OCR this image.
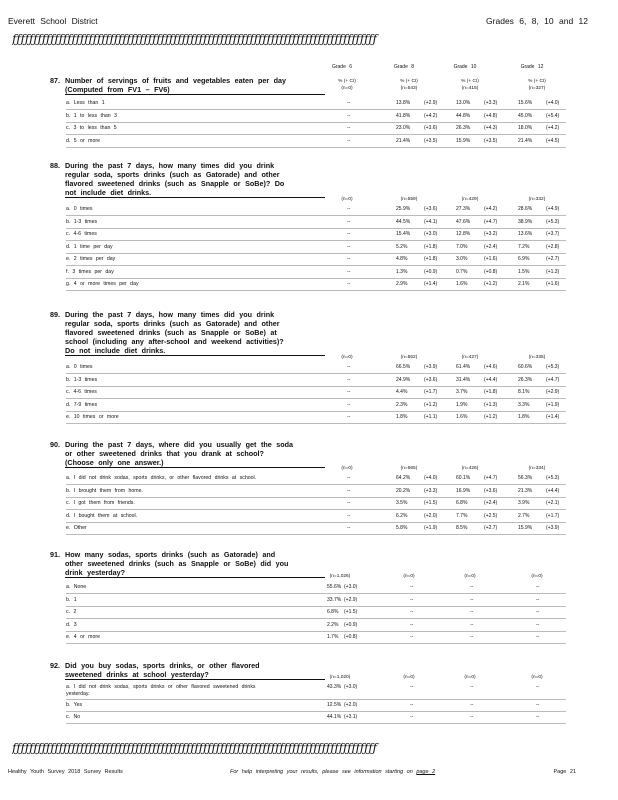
Everett School District	Grades 6, 8, 10 and 12
ƒƒƒƒƒƒƒƒƒƒƒƒƒƒƒƒƒƒƒƒƒƒƒƒƒƒƒƒƒƒƒƒƒƒƒƒƒƒƒƒƒƒƒƒƒƒƒƒƒƒƒƒƒƒƒƒƒƒƒƒƒƒƒƒƒƒƒƒƒƒƒƒƒƒƒƒƒƒƒƒƒƒƒƒƒƒ
Grade 6	Grade 8	Grade 10	Grade 12
87. Number of servings of fruits and vegetables eaten per day
(Computed from FV1 – FV6)
% (+ CI)	% (+ CI)	% (+ CI)	% (+ CI)
(n=0)	(n=543)	(n=415)	(n=327)
a. Less than 1	--	13.8%	(+2.9)	13.0%	(+3.3)	15.6%	(+4.0)
b. 1 to less than 3	--	41.8%	(+4.2)	44.8%	(+4.8)	45.0%	(+5.4)
c. 3 to less than 5	--	23.0%	(+3.6)	26.3%	(+4.3)	18.0%	(+4.2)
d. 5 or more	--	21.4%	(+3.5)	15.9%	(+3.5)	21.4%	(+4.5)
88. During the past 7 days, how many times did you drink
regular soda, sports drinks (such as Gatorade) and other
flavored sweetened drinks (such as Snapple or SoBe)? Do
not include diet drinks.
(n=0)	(n=559)	(n=429)	(n=332)
a. 0 times	--	25.9%	(+3.6)	27.3%	(+4.2)	28.6%	(+4.9)
b. 1-3 times	--	44.5%	(+4.1)	47.6%	(+4.7)	38.9%	(+5.3)
c. 4-6 times	--	15.4%	(+3.0)	12.8%	(+3.2)	13.6%	(+3.7)
d. 1 time per day	--	5.2%	(+1.8)	7.0%	(+2.4)	7.2%	(+2.8)
e. 2 times per day	--	4.8%	(+1.8)	3.0%	(+1.6)	6.9%	(+2.7)
f. 3 times per day	--	1.3%	(+0.9)	0.7%	(+0.8)	1.5%	(+1.3)
g. 4 or more times per day	--	2.9%	(+1.4)	1.6%	(+1.2)	2.1%	(+1.6)
89. During the past 7 days, how many times did you drink
regular soda, sports drinks (such as Gatorade) and other
flavored sweetened drinks (such as Snapple or SoBe) at
school (including any after-school and weekend activities)?
Do not include diet drinks.
(n=0)	(n=562)	(n=427)	(n=335)
a. 0 times	--	66.5%	(+3.9)	61.4%	(+4.6)	60.6%	(+5.3)
b. 1-3 times	--	24.9%	(+3.6)	31.4%	(+4.4)	26.3%	(+4.7)
c. 4-6 times	--	4.4%	(+1.7)	3.7%	(+1.8)	8.1%	(+2.9)
d. 7-9 times	--	2.3%	(+1.2)	1.9%	(+1.3)	3.3%	(+1.9)
e. 10 times or more	--	1.8%	(+1.1)	1.6%	(+1.2)	1.8%	(+1.4)
90. During the past 7 days, where did you usually get the soda
or other sweetened drinks that you drank at school?
(Choose only one answer.)
(n=0)	(n=565)	(n=426)	(n=334)
a. I did not drink sodas, sports drinks, or other flavored drinks at school.	--	64.2%	(+4.0)	60.1%	(+4.7)	56.3%	(+5.3)
b. I brought them from home.	--	20.2%	(+3.3)	16.9%	(+3.6)	21.3%	(+4.4)
c. I got them from friends.	--	3.5%	(+1.5)	6.8%	(+2.4)	3.9%	(+2.1)
d. I bought them at school.	--	6.2%	(+2.0)	7.7%	(+2.5)	2.7%	(+1.7)
e. Other	--	5.8%	(+1.9)	8.5%	(+2.7)	15.9%	(+3.9)
91. How many sodas, sports drinks (such as Gatorade) and
other sweetened drinks (such as Snapple or SoBe) did you
drink yesterday?	(n=1,026)	(n=0)	(n=0)	(n=0)
a. None	55.6% (+3.0)	--	--	--
b. 1	33.7% (+2.9)	--	--	--
c. 2	6.8% (+1.5)	--	--	--
d. 3	2.2% (+0.9)	--	--	--
e. 4 or more	1.7% (+0.8)	--	--	--
92. Did you buy sodas, sports drinks, or other flavored
sweetened drinks at school yesterday?	(n=1,020)	(n=0)	(n=0)	(n=0)
a. I did not drink sodas, sports drinks or other flavored sweetened drinks
yesterday.
43.3% (+3.0)	--	--	--
b. Yes	12.5% (+2.0)	--	--	--
c. No	44.1% (+3.1)	--	--	--
ƒƒƒƒƒƒƒƒƒƒƒƒƒƒƒƒƒƒƒƒƒƒƒƒƒƒƒƒƒƒƒƒƒƒƒƒƒƒƒƒƒƒƒƒƒƒƒƒƒƒƒƒƒƒƒƒƒƒƒƒƒƒƒƒƒƒƒƒƒƒƒƒƒƒƒƒƒƒƒƒƒƒƒƒƒƒ
Healthy Youth Survey 2018 Survey Results	For help interpreting your results, please see information starting on page 2	Page 21
